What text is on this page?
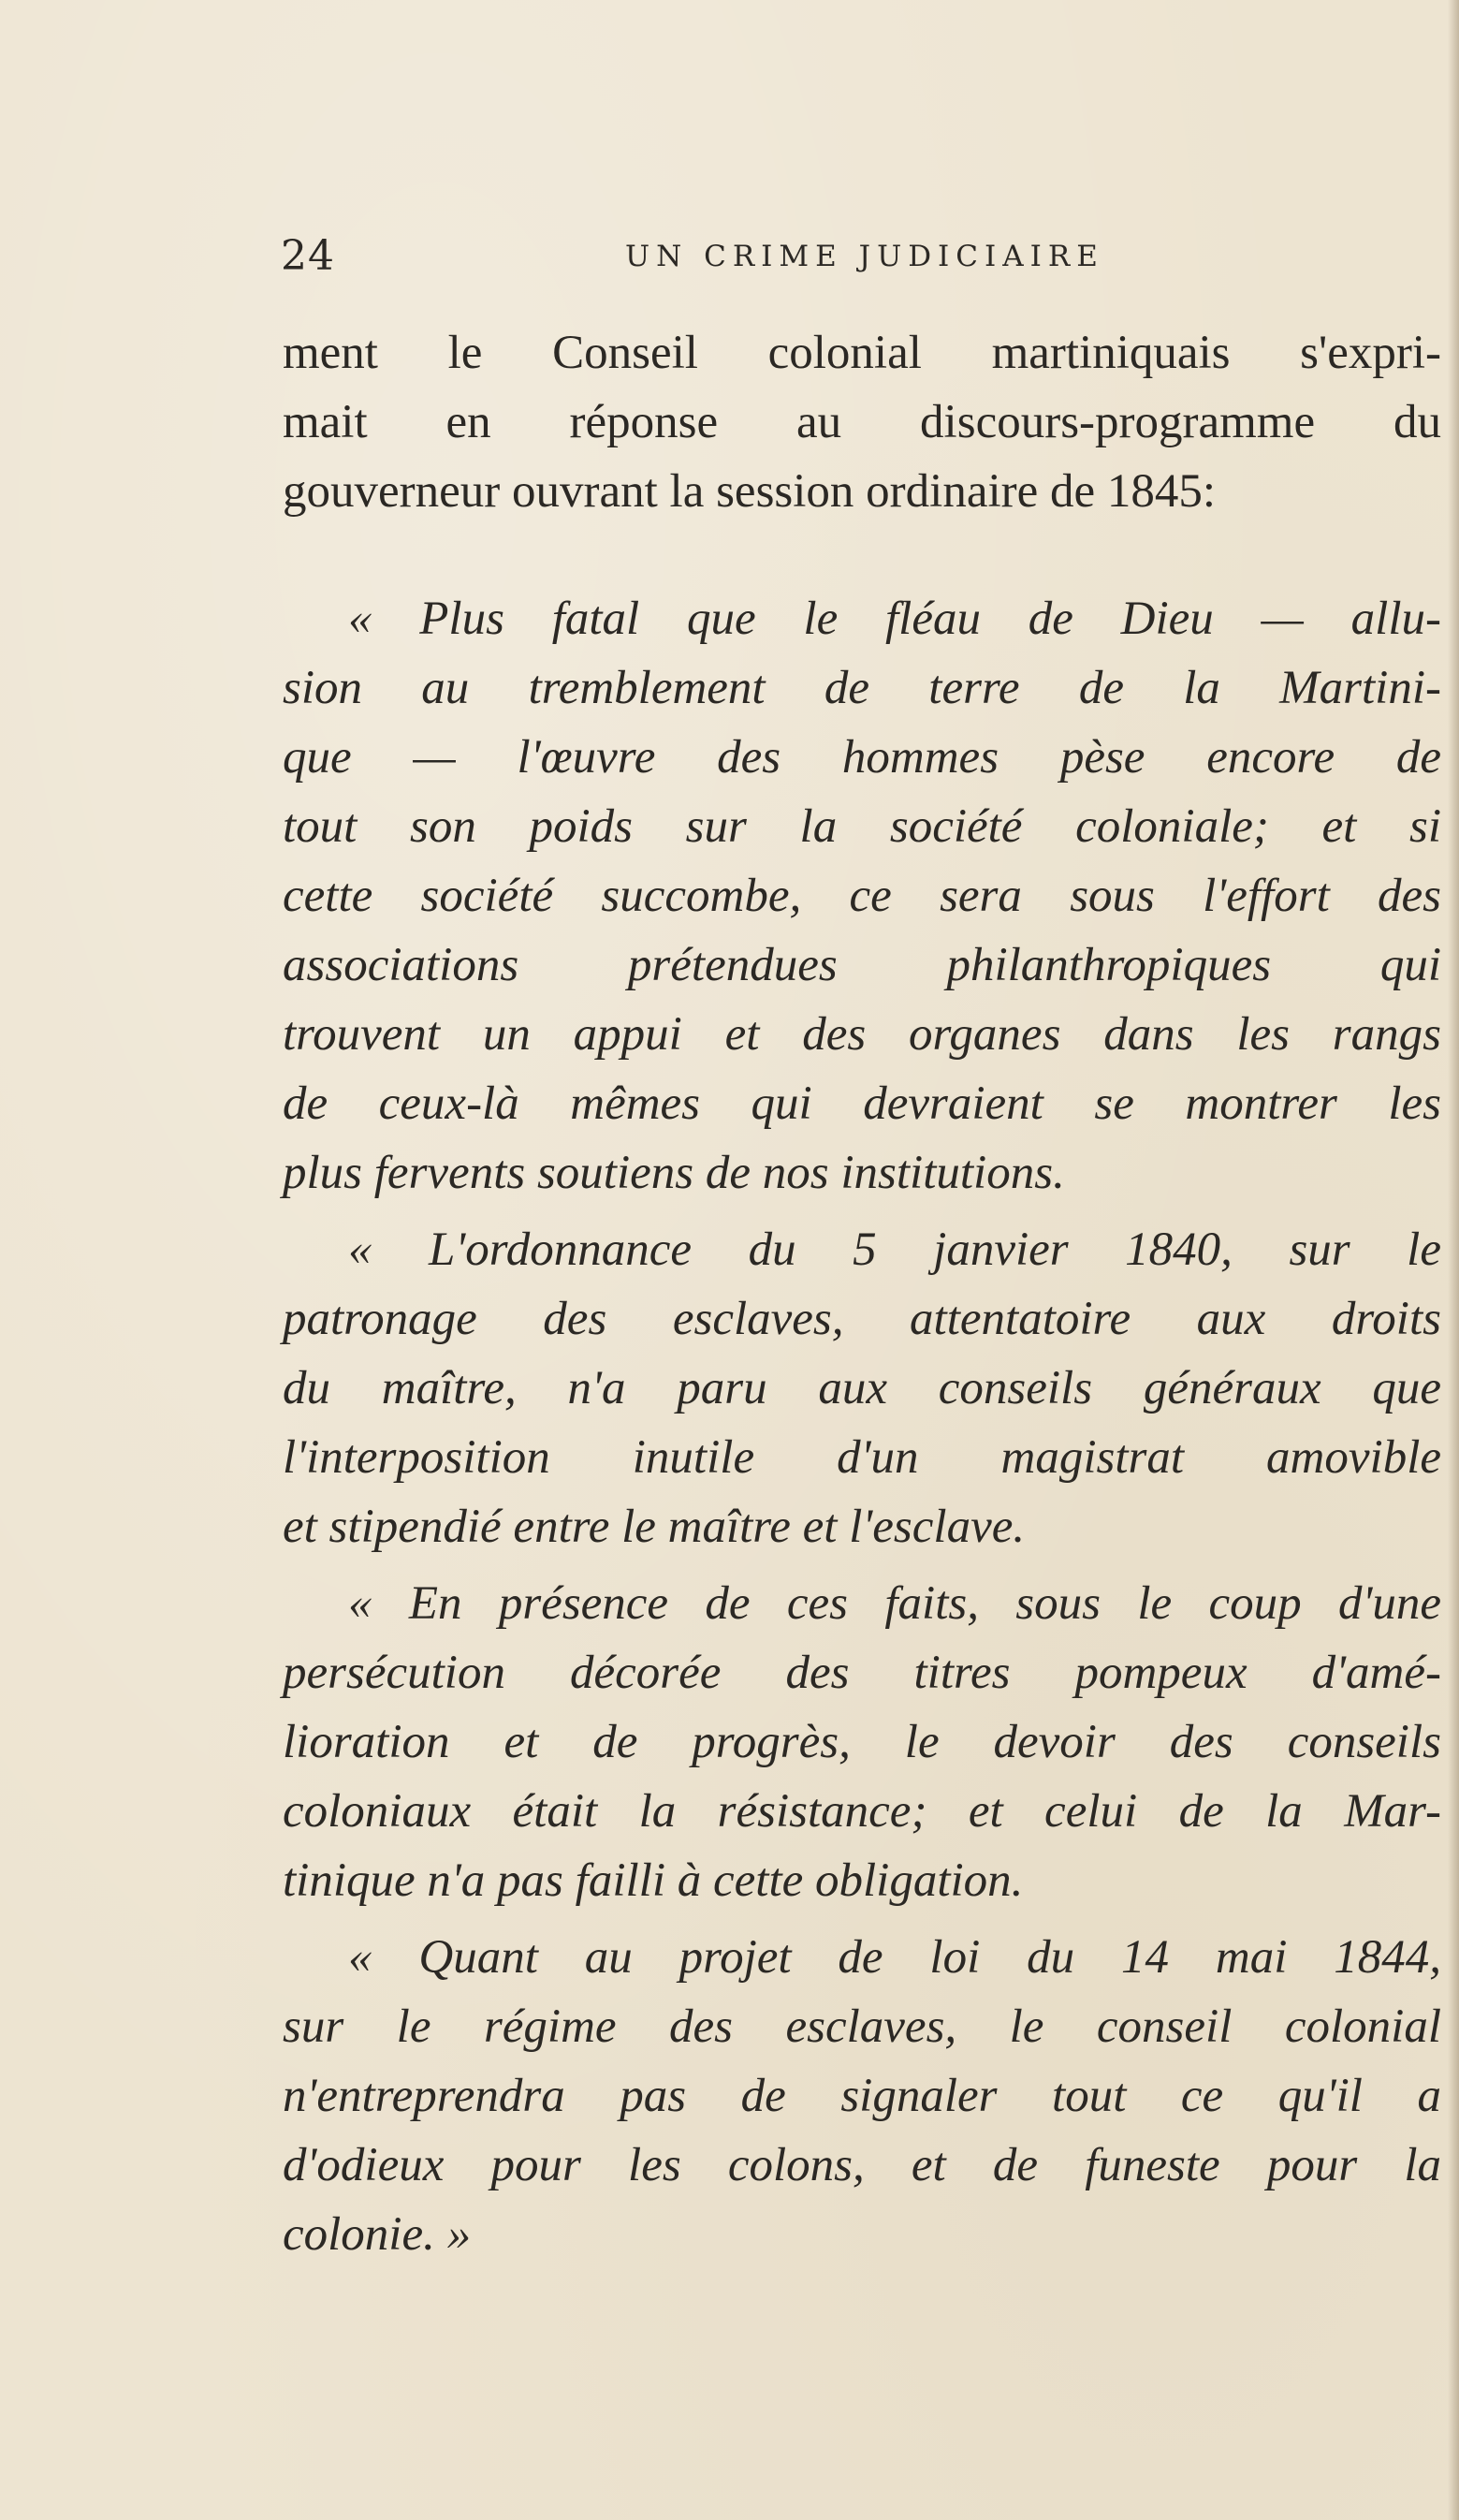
24	UN CRIME JUDICIAIRE
ment le Conseil colonial martiniquais s'expri-
mait en réponse au discours-programme du
gouverneur ouvrant la session ordinaire de 1845:
« Plus fatal que le fléau de Dieu — allu-
sion au tremblement de terre de la Martini-
que — l'œuvre des hommes pèse encore de
tout son poids sur la société coloniale; et si
cette société succombe, ce sera sous l'effort des
associations prétendues philanthropiques qui
trouvent un appui et des organes dans les rangs
de ceux-là mêmes qui devraient se montrer les
plus fervents soutiens de nos institutions.
« L'ordonnance du 5 janvier 1840, sur le
patronage des esclaves, attentatoire aux droits
du maître, n'a paru aux conseils généraux que
l'interposition inutile d'un magistrat amovible
et stipendié entre le maître et l'esclave.
« En présence de ces faits, sous le coup d'une
persécution décorée des titres pompeux d'amé-
lioration et de progrès, le devoir des conseils
coloniaux était la résistance; et celui de la Mar-
tinique n'a pas failli à cette obligation.
« Quant au projet de loi du 14 mai 1844,
sur le régime des esclaves, le conseil colonial
n'entreprendra pas de signaler tout ce qu'il a
d'odieux pour les colons, et de funeste pour la
colonie. »
